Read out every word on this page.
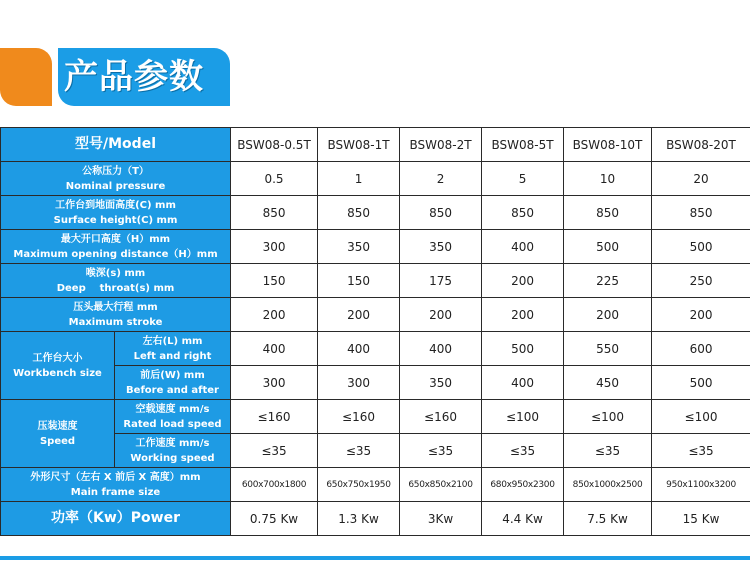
产品参数
型号/Model		BSW08-0.5T	BSW08-1T	BSW08-2T	BSW08-5T	BSW08-10T	BSW08-20T

公称压力（T）
Nominal pressure		0.5	1	2	5	10	20

工作台到地面高度(C) mm
Surface height(C) mm		850	850	850	850	850	850

最大开口高度（H）mm
Maximum opening distance（H）mm		300	350	350	400	500	500

喉深(s) mm
Deep    throat(s) mm		150	150	175	200	225	250

压头最大行程 mm
Maximum stroke		200	200	200	200	200	200

工作台大小
Workbench size	左右(L) mm
Left and right	400	400	400	500	550	600

	前后(W) mm
Before and after	300	300	350	400	450	500

压装速度
Speed	空载速度 mm/s
Rated load speed	≤160	≤160	≤160	≤100	≤100	≤100

	工作速度 mm/s
Working speed	≤35	≤35	≤35	≤35	≤35	≤35

外形尺寸（左右 X 前后 X 高度）mm
Main frame size		600x700x1800	650x750x1950	650x850x2100	680x950x2300	850x1000x2500	950x1100x3200
功率（Kw）Power		0.75 Kw	1.3 Kw	3Kw	4.4 Kw	7.5 Kw	15 Kw
